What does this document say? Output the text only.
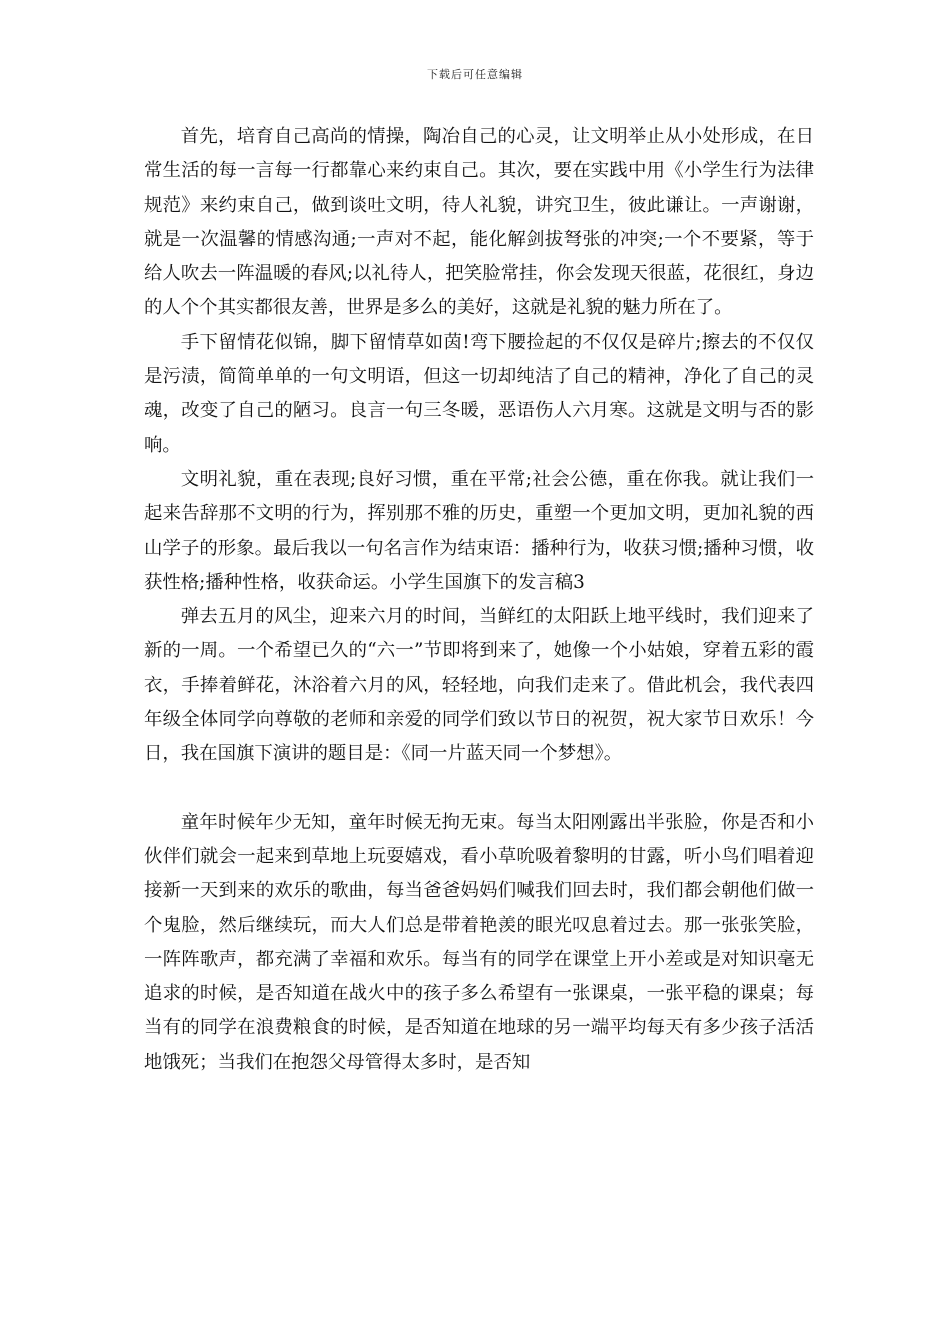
下载后可任意编辑

首先，培育自己高尚的情操，陶冶自己的心灵，让文明举止从小处形成，在日常生活的每一言每一行都靠心来约束自己。其次，要在实践中用《小学生行为法律规范》来约束自己，做到谈吐文明，待人礼貌，讲究卫生，彼此谦让。一声谢谢，就是一次温馨的情感沟通;一声对不起，能化解剑拔弩张的冲突;一个不要紧，等于给人吹去一阵温暖的春风;以礼待人，把笑脸常挂，你会发现天很蓝，花很红，身边的人个个其实都很友善，世界是多么的美好，这就是礼貌的魅力所在了。

手下留情花似锦，脚下留情草如茵!弯下腰捡起的不仅仅是碎片;擦去的不仅仅是污渍，简简单单的一句文明语，但这一切却纯洁了自己的精神，净化了自己的灵魂，改变了自己的陋习。良言一句三冬暖，恶语伤人六月寒。这就是文明与否的影响。

文明礼貌，重在表现;良好习惯，重在平常;社会公德，重在你我。就让我们一起来告辞那不文明的行为，挥别那不雅的历史，重塑一个更加文明，更加礼貌的西山学子的形象。最后我以一句名言作为结束语：播种行为，收获习惯;播种习惯，收获性格;播种性格，收获命运。小学生国旗下的发言稿3

弹去五月的风尘，迎来六月的时间，当鲜红的太阳跃上地平线时，我们迎来了新的一周。一个希望已久的“六一”节即将到来了，她像一个小姑娘，穿着五彩的霞衣，手捧着鲜花，沐浴着六月的风，轻轻地，向我们走来了。借此机会，我代表四年级全体同学向尊敬的老师和亲爱的同学们致以节日的祝贺，祝大家节日欢乐！今日，我在国旗下演讲的题目是：《同一片蓝天同一个梦想》。

童年时候年少无知，童年时候无拘无束。每当太阳刚露出半张脸，你是否和小伙伴们就会一起来到草地上玩耍嬉戏，看小草吮吸着黎明的甘露，听小鸟们唱着迎接新一天到来的欢乐的歌曲，每当爸爸妈妈们喊我们回去时，我们都会朝他们做一个鬼脸，然后继续玩，而大人们总是带着艳羡的眼光叹息着过去。那一张张笑脸，一阵阵歌声，都充满了幸福和欢乐。每当有的同学在课堂上开小差或是对知识毫无追求的时候，是否知道在战火中的孩子多么希望有一张课桌，一张平稳的课桌；每当有的同学在浪费粮食的时候，是否知道在地球的另一端平均每天有多少孩子活活地饿死；当我们在抱怨父母管得太多时，是否知
